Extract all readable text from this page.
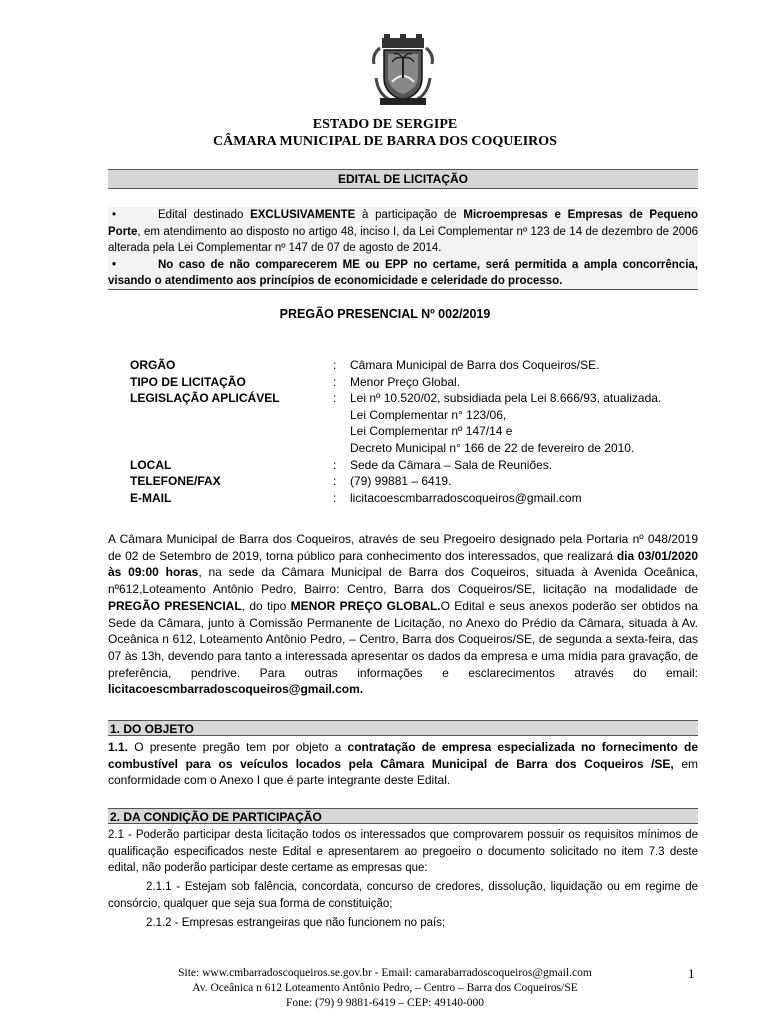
ESTADO DE SERGIPE
CÂMARA MUNICIPAL DE BARRA DOS COQUEIROS
EDITAL DE LICITAÇÃO

•	Edital destinado EXCLUSIVAMENTE à participação de Microempresas e Empresas de Pequeno Porte, em atendimento ao disposto no artigo 48, inciso I, da Lei Complementar nº 123 de 14 de dezembro de 2006 alterada pela Lei Complementar nº 147 de 07 de agosto de 2014.

•	No caso de não comparecerem ME ou EPP no certame, será permitida a ampla concorrência, visando o atendimento aos princípios de economicidade e celeridade do processo.

PREGÃO PRESENCIAL Nº 002/2019
ORGÃO	:	Câmara Municipal de Barra dos Coqueiros/SE.
TIPO DE LICITAÇÃO	:	Menor Preço Global.
LEGISLAÇÃO APLICÁVEL	:	Lei nº 10.520/02, subsidiada pela Lei 8.666/93, atualizada.
Lei Complementar n° 123/06,
Lei Complementar nº 147/14 e
Decreto Municipal n° 166 de 22 de fevereiro de 2010.
LOCAL	:	Sede da Câmara – Sala de Reuniões.
TELEFONE/FAX	:	(79) 99881 – 6419.
E-MAIL	:	licitacoescmbarradoscoqueiros@gmail.com

A Câmara Municipal de Barra dos Coqueiros, através de seu Pregoeiro designado pela Portaria nº 048/2019 de 02 de Setembro de 2019, torna público para conhecimento dos interessados, que realizará dia 03/01/2020 às 09:00 horas, na sede da Câmara Municipal de Barra dos Coqueiros, situada à Avenida Oceânica, nº612,Loteamento Antônio Pedro, Bairro: Centro, Barra dos Coqueiros/SE, licitação na modalidade de PREGÃO PRESENCIAL, do tipo MENOR PREÇO GLOBAL.O Edital e seus anexos poderão ser obtidos na Sede da Câmara, junto à Comissão Permanente de Licitação, no Anexo do Prédio da Câmara, situada à Av. Oceânica n 612, Loteamento Antônio Pedro, – Centro, Barra dos Coqueiros/SE, de segunda a sexta-feira, das 07 às 13h, devendo para tanto a interessada apresentar os dados da empresa e uma mídia para gravação, de preferência, pendrive. Para outras informações e esclarecimentos através do email: licitacoescmbarradoscoqueiros@gmail.com.

1. DO OBJETO

1.1. O presente pregão tem por objeto a contratação de empresa especializada no fornecimento de combustível para os veículos locados pela Câmara Municipal de Barra dos Coqueiros /SE, em conformidade com o Anexo I que é parte integrante deste Edital.

2. DA CONDIÇÃO DE PARTICIPAÇÃO

2.1 - Poderão participar desta licitação todos os interessados que comprovarem possuir os requisitos mínimos de qualificação especificados neste Edital e apresentarem ao pregoeiro o documento solicitado no item 7.3 deste edital, não poderão participar deste certame as empresas que:

2.1.1 - Estejam sob falência, concordata, concurso de credores, dissolução, liquidação ou em regime de consórcio, qualquer que seja sua forma de constituição;

2.1.2 - Empresas estrangeiras que não funcionem no país;

Site: www.cmbarradoscoqueiros.se.gov.br - Email: camarabarradoscoqueiros@gmail.com
Av. Oceânica n 612 Loteamento Antônio Pedro, – Centro – Barra dos Coqueiros/SE
Fone: (79) 9 9881-6419 – CEP: 49140-000
1
